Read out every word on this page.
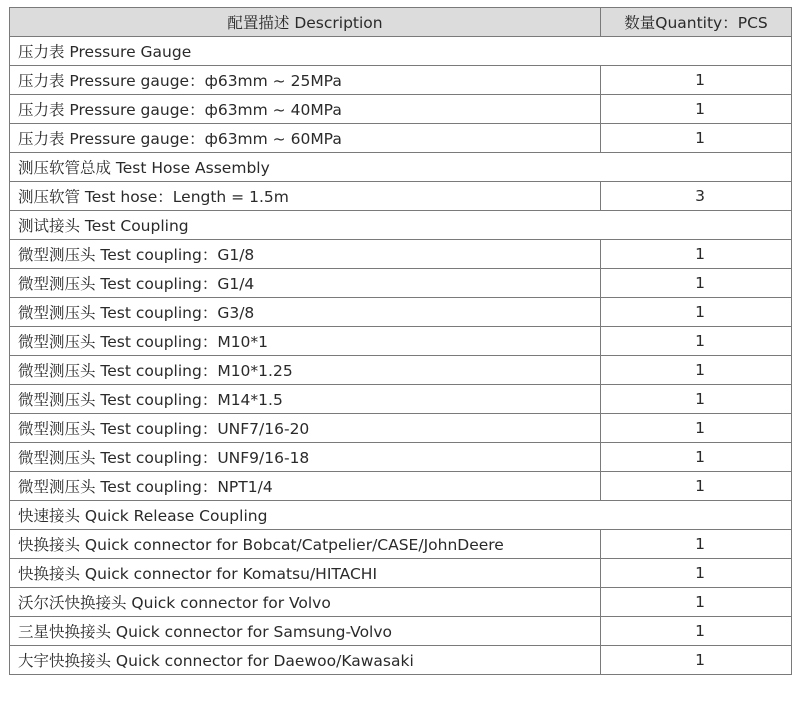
配置描述 Description	数量Quantity：PCS
压力表 Pressure Gauge	
压力表 Pressure gauge：ф63mm ~ 25MPa	1
压力表 Pressure gauge：ф63mm ~ 40MPa	1
压力表 Pressure gauge：ф63mm ~ 60MPa	1
测压软管总成 Test Hose Assembly	
测压软管 Test hose：Length = 1.5m	3
测试接头 Test Coupling	
微型测压头 Test coupling：G1/8	1
微型测压头 Test coupling：G1/4	1
微型测压头 Test coupling：G3/8	1
微型测压头 Test coupling：M10*1	1
微型测压头 Test coupling：M10*1.25	1
微型测压头 Test coupling：M14*1.5	1
微型测压头 Test coupling：UNF7/16-20	1
微型测压头 Test coupling：UNF9/16-18	1
微型测压头 Test coupling：NPT1/4	1
快速接头 Quick Release Coupling	
快换接头 Quick connector for Bobcat/Catpelier/CASE/JohnDeere	1
快换接头 Quick connector for Komatsu/HITACHI	1
沃尔沃快换接头 Quick connector for Volvo	1
三星快换接头 Quick connector for Samsung-Volvo	1
大宇快换接头 Quick connector for Daewoo/Kawasaki	1
